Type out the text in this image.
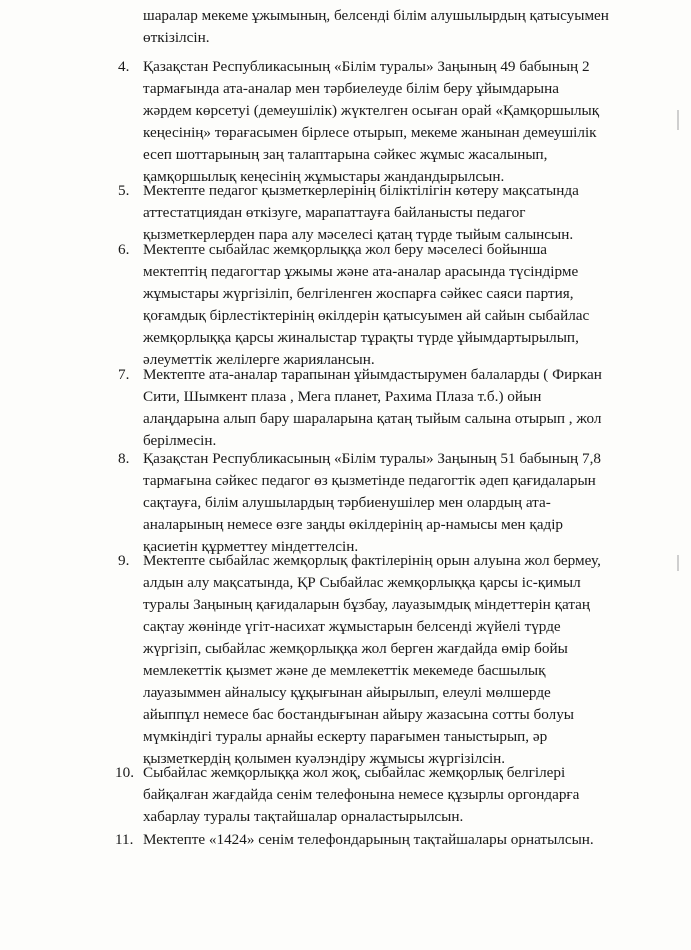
шаралар мекеме ұжымының, белсенді білім алушылырдың қатысуымен
өткізілсін.
4. Қазақстан Республикасының «Білім туралы» Заңының 49 бабының 2
тармағында ата-аналар мен тәрбиелеуде білім беру ұйымдарына
жәрдем көрсетуі (демеушілік) жүктелген осыған орай «Қамқоршылық
кеңесінің» төрағасымен бірлесе отырып, мекеме жанынан демеушілік
есеп шоттарының заң талаптарына сәйкес жұмыс жасалынып,
қамқоршылық кеңесінің жұмыстары жандандырылсын.
5. Мектепте педагог қызметкерлерінің біліктілігін көтеру мақсатында
аттестатциядан өткізуге, марапаттауға байланысты педагог
қызметкерлерден пара алу мәселесі қатаң түрде тыйым салынсын.
6. Мектепте сыбайлас жемқорлыққа жол беру мәселесі бойынша
мектептің педагогтар ұжымы және ата-аналар арасында түсіндірме
жұмыстары жүргізіліп, белгіленген жоспарға сәйкес саяси партия,
қоғамдық бірлестіктерінің өкілдерін қатысуымен ай сайын сыбайлас
жемқорлыққа қарсы жиналыстар тұрақты түрде ұйымдартырылып,
әлеуметтік желілерге жариялансын.
7. Мектепте ата-аналар тарапынан ұйымдастырумен балаларды ( Фиркан
Сити, Шымкент плаза , Мега планет, Рахима Плаза т.б.) ойын
алаңдарына алып бару шараларына қатаң тыйым салына отырып , жол
берілмесін.
8. Қазақстан Республикасының «Білім туралы» Заңының 51 бабының 7,8
тармағына сәйкес педагог өз қызметінде педагогтік әдеп қағидаларын
сақтауға, білім алушылардың тәрбиенушілер мен олардың ата-
аналарының немесе өзге заңды өкілдерінің ар-намысы мен қадір
қасиетін құрметтеу міндеттелсін.
9. Мектепте сыбайлас жемқорлық фактілерінің орын алуына жол бермеу,
алдын алу мақсатында, ҚР Сыбайлас жемқорлыққа қарсы іс-қимыл
туралы Заңының қағидаларын бұзбау, лауазымдық міндеттерін қатаң
сақтау жөнінде үгіт-насихат жұмыстарын белсенді жүйелі түрде
жүргізіп, сыбайлас жемқорлыққа жол берген жағдайда өмір бойы
мемлекеттік қызмет және де мемлекеттік мекемеде басшылық
лауазыммен айналысу құқығынан айырылып, елеулі мөлшерде
айыппұл немесе бас бостандығынан айыру жазасына сотты болуы
мүмкіндігі туралы арнайы ескерту парағымен таныстырып, әр
қызметкердің қолымен куәлэндіру жұмысы жүргізілсін.
10. Сыбайлас жемқорлыққа жол жоқ, сыбайлас жемқорлық белгілері
байқалған жағдайда сенім телефонына немесе құзырлы оргондарға
хабарлау туралы тақтайшалар орналастырылсын.
11. Мектепте «1424» сенім телефондарының тақтайшалары орнатылсын.
